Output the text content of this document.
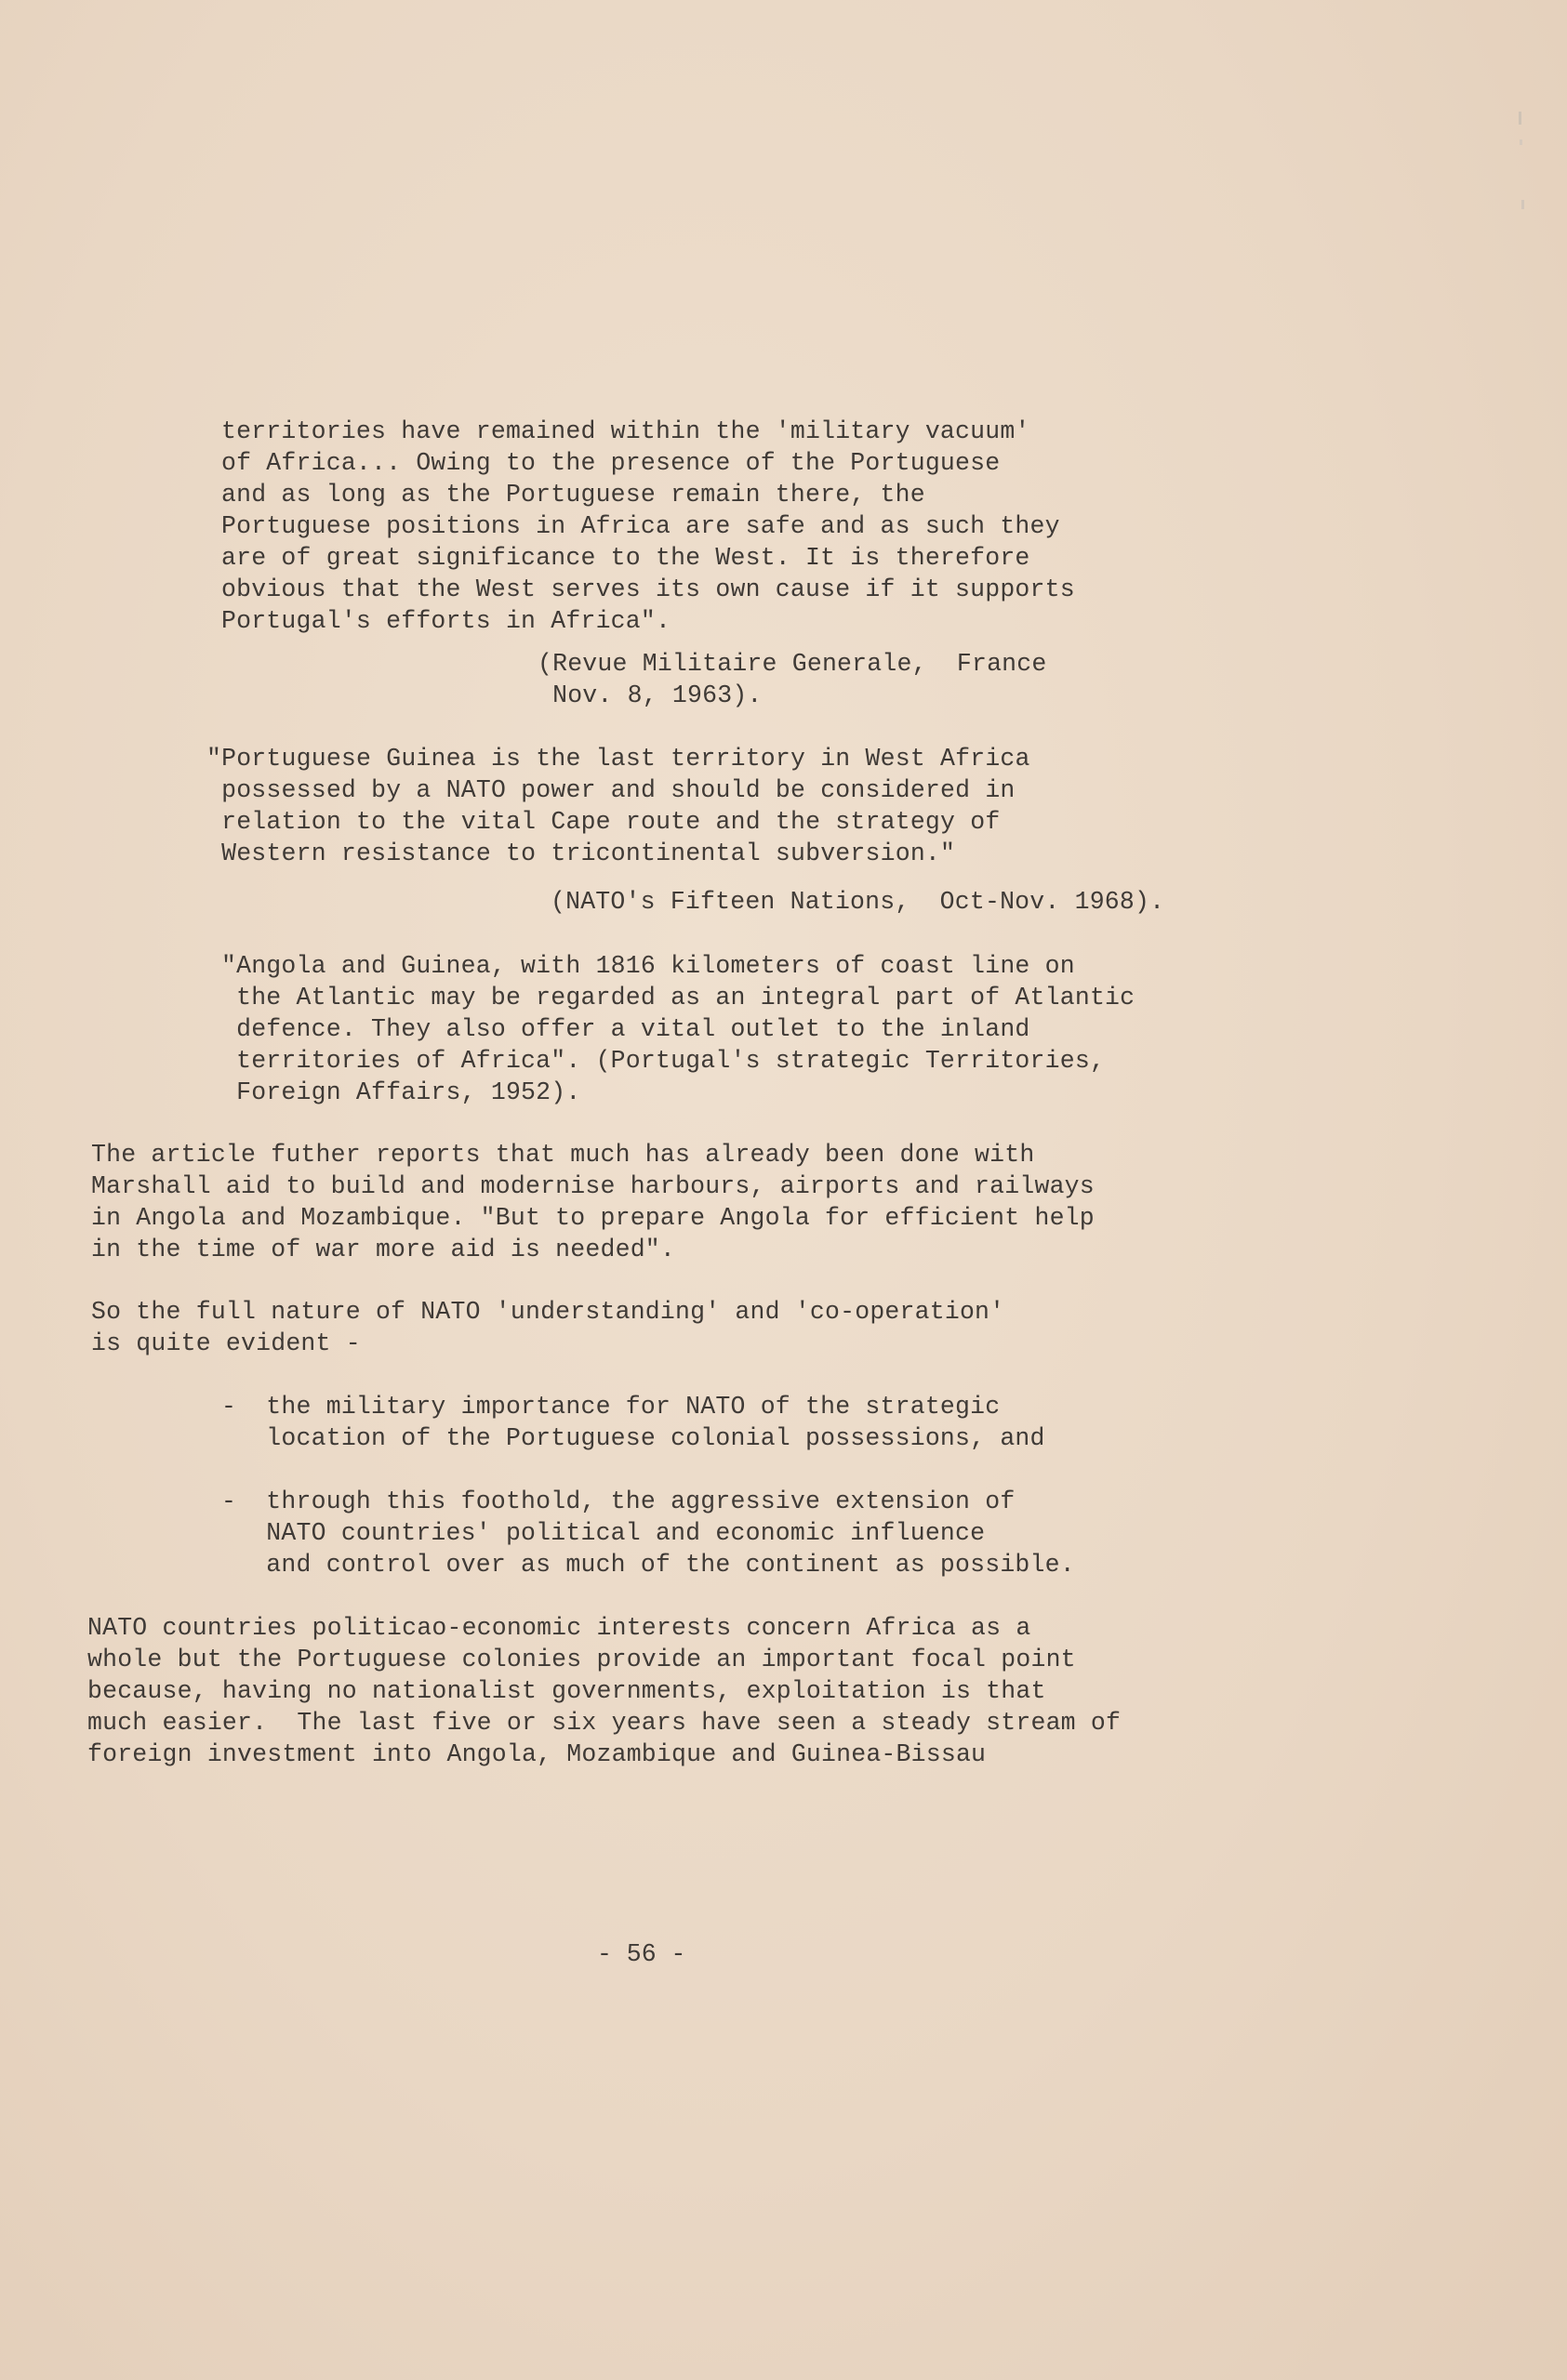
territories have remained within the 'military vacuum'
of Africa... Owing to the presence of the Portuguese
and as long as the Portuguese remain there, the
Portuguese positions in Africa are safe and as such they
are of great significance to the West. It is therefore
obvious that the West serves its own cause if it supports
Portugal's efforts in Africa".
(Revue Militaire Generale,  France
Nov. 8, 1963).
"Portuguese Guinea is the last territory in West Africa
possessed by a NATO power and should be considered in
relation to the vital Cape route and the strategy of
Western resistance to tricontinental subversion."
(NATO's Fifteen Nations,  Oct-Nov. 1968).
"Angola and Guinea, with 1816 kilometers of coast line on
the Atlantic may be regarded as an integral part of Atlantic
defence. They also offer a vital outlet to the inland
territories of Africa". (Portugal's strategic Territories,
Foreign Affairs, 1952).
The article futher reports that much has already been done with
Marshall aid to build and modernise harbours, airports and railways
in Angola and Mozambique. "But to prepare Angola for efficient help
in the time of war more aid is needed".
So the full nature of NATO 'understanding' and 'co-operation'
is quite evident -
-  the military importance for NATO of the strategic
location of the Portuguese colonial possessions, and
-  through this foothold, the aggressive extension of
NATO countries' political and economic influence
and control over as much of the continent as possible.
NATO countries politicao-economic interests concern Africa as a
whole but the Portuguese colonies provide an important focal point
because, having no nationalist governments, exploitation is that
much easier.  The last five or six years have seen a steady stream of
foreign investment into Angola, Mozambique and Guinea-Bissau
- 56 -
